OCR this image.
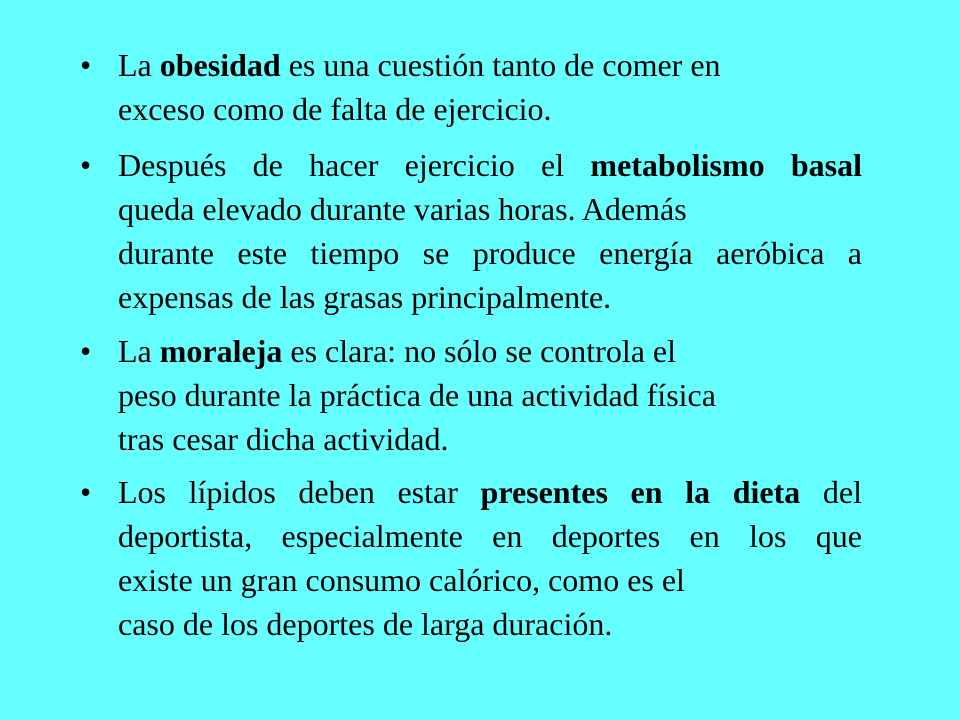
• La obesidad es una cuestión tanto de comer en
exceso como de falta de ejercicio.
• Después de hacer ejercicio el metabolismo basal
queda elevado durante varias horas. Además
durante este tiempo se produce energía aeróbica a
expensas de las grasas principalmente.
• La moraleja es clara: no sólo se controla el
peso durante la práctica de una actividad física
tras cesar dicha actividad.
• Los lípidos deben estar presentes en la dieta del
deportista, especialmente en deportes en los que
existe un gran consumo calórico, como es el
caso de los deportes de larga duración.
